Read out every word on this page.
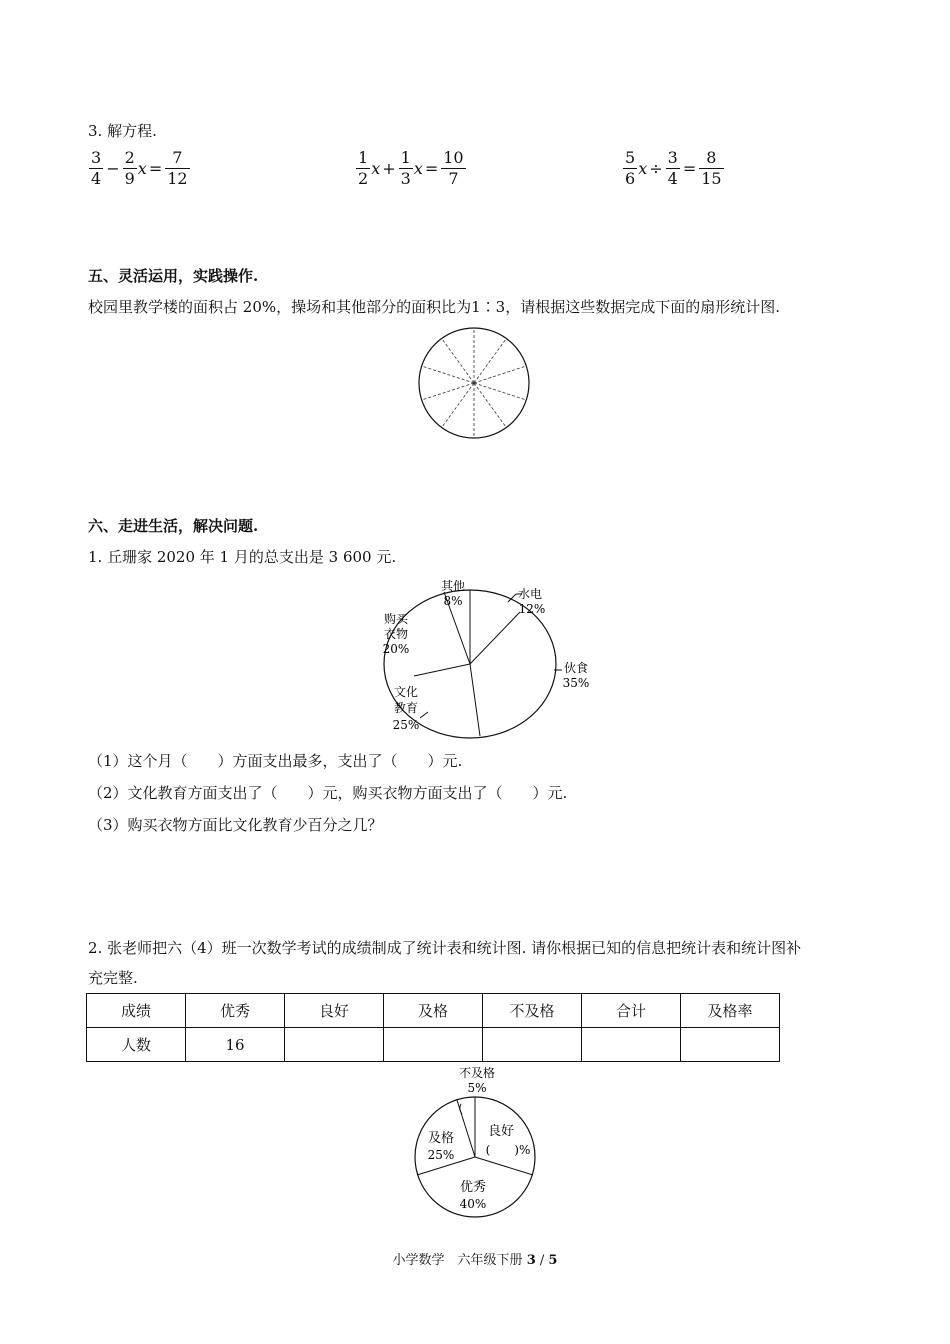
3. 解方程.
$\frac{3}{4} - \frac{2}{9}$ $x = \frac{7}{12}$	$\frac{1}{2}$ $x + \frac{1}{3}$ $x = \frac{10}{7}$	$\frac{5}{6}$ $x \div \frac{3}{4} = \frac{8}{15}$
五、灵活运用，实践操作.
校园里教学楼的面积占 20%，操场和其他部分的面积比为1∶3，请根据这些数据完成下面的扇形统计图.
六、走进生活，解决问题.
1. 丘珊家 2020 年 1 月的总支出是 3 600 元.
其他
8%	水电
12%
购买
衣物
20%
伙食
35%
文化
教育
25%
（1）这个月（　　）方面支出最多，支出了（　　）元.
（2）文化教育方面支出了（　　）元，购买衣物方面支出了（　　）元.
（3）购买衣物方面比文化教育少百分之几？
2. 张老师把六（4）班一次数学考试的成绩制成了统计表和统计图. 请你根据已知的信息把统计表和统计图补
充完整.
成绩	优秀	良好	及格	不及格	合计	及格率
人数	16					
不及格
5%
良好
(　　)%
及格
25%
优秀
40%
小学数学　六年级下册 3 / 5
